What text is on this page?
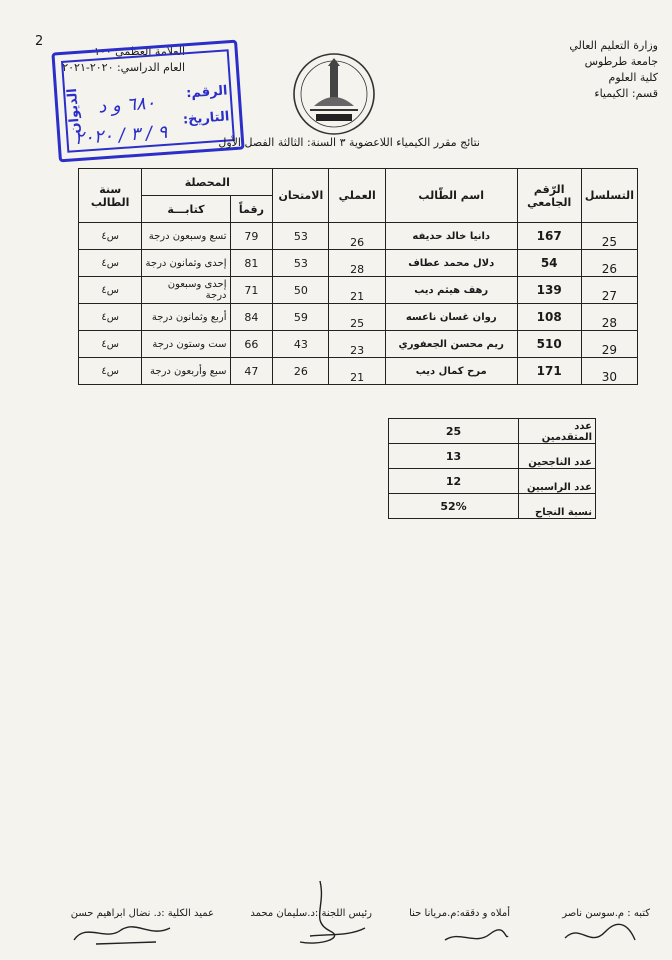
2
العلامة العظمى ١٠٠
العام الدراسي: ٢٠٢٠-٢٠٢١
وزارة التعليم العالي
جامعة طرطوس
كلية العلوم
قسم: الكيمياء
الديوان	الرقم:
٦٨٠ و د
التاريخ:
٩ / ٣ / ٢٠٢٠	نتائج مقرر الكيمياء اللاعضوية ٣ السنة: الثالثة الفصل الأول
سنة الطالب	المحصلة		الامتحان	العملي	اسم الطّالب	الرّقم الجامعي	التسلسل
	كتابـــة	رقماً					
س٤	تسع وسبعون درجة	79	53	26	دانيا خالد حديفه	167	25
س٤	إحدى وثمانون درجة	81	53	28	دلال محمد عطاف	54	26
س٤	إحدى وسبعون درجة	71	50	21	رهف هيثم ديب	139	27
س٤	أربع وثمانون درجة	84	59	25	روان غسان ناعسه	108	28
س٤	ست وستون درجة	66	43	23	ريم محسن الجعفوري	510	29
س٤	سبع وأربعون درجة	47	26	21	مرح كمال ديب	171	30
25	عدد المتقدمين
13	عدد الناجحين
12	عدد الراسبين
52%	نسبة النجاح
كتبه : م.سوسن ناصر
أملاه و دققه:م.مريانا حنا
رئيس اللجنة :د.سليمان محمد
عميد الكلية :د. نضال ابراهيم حسن
